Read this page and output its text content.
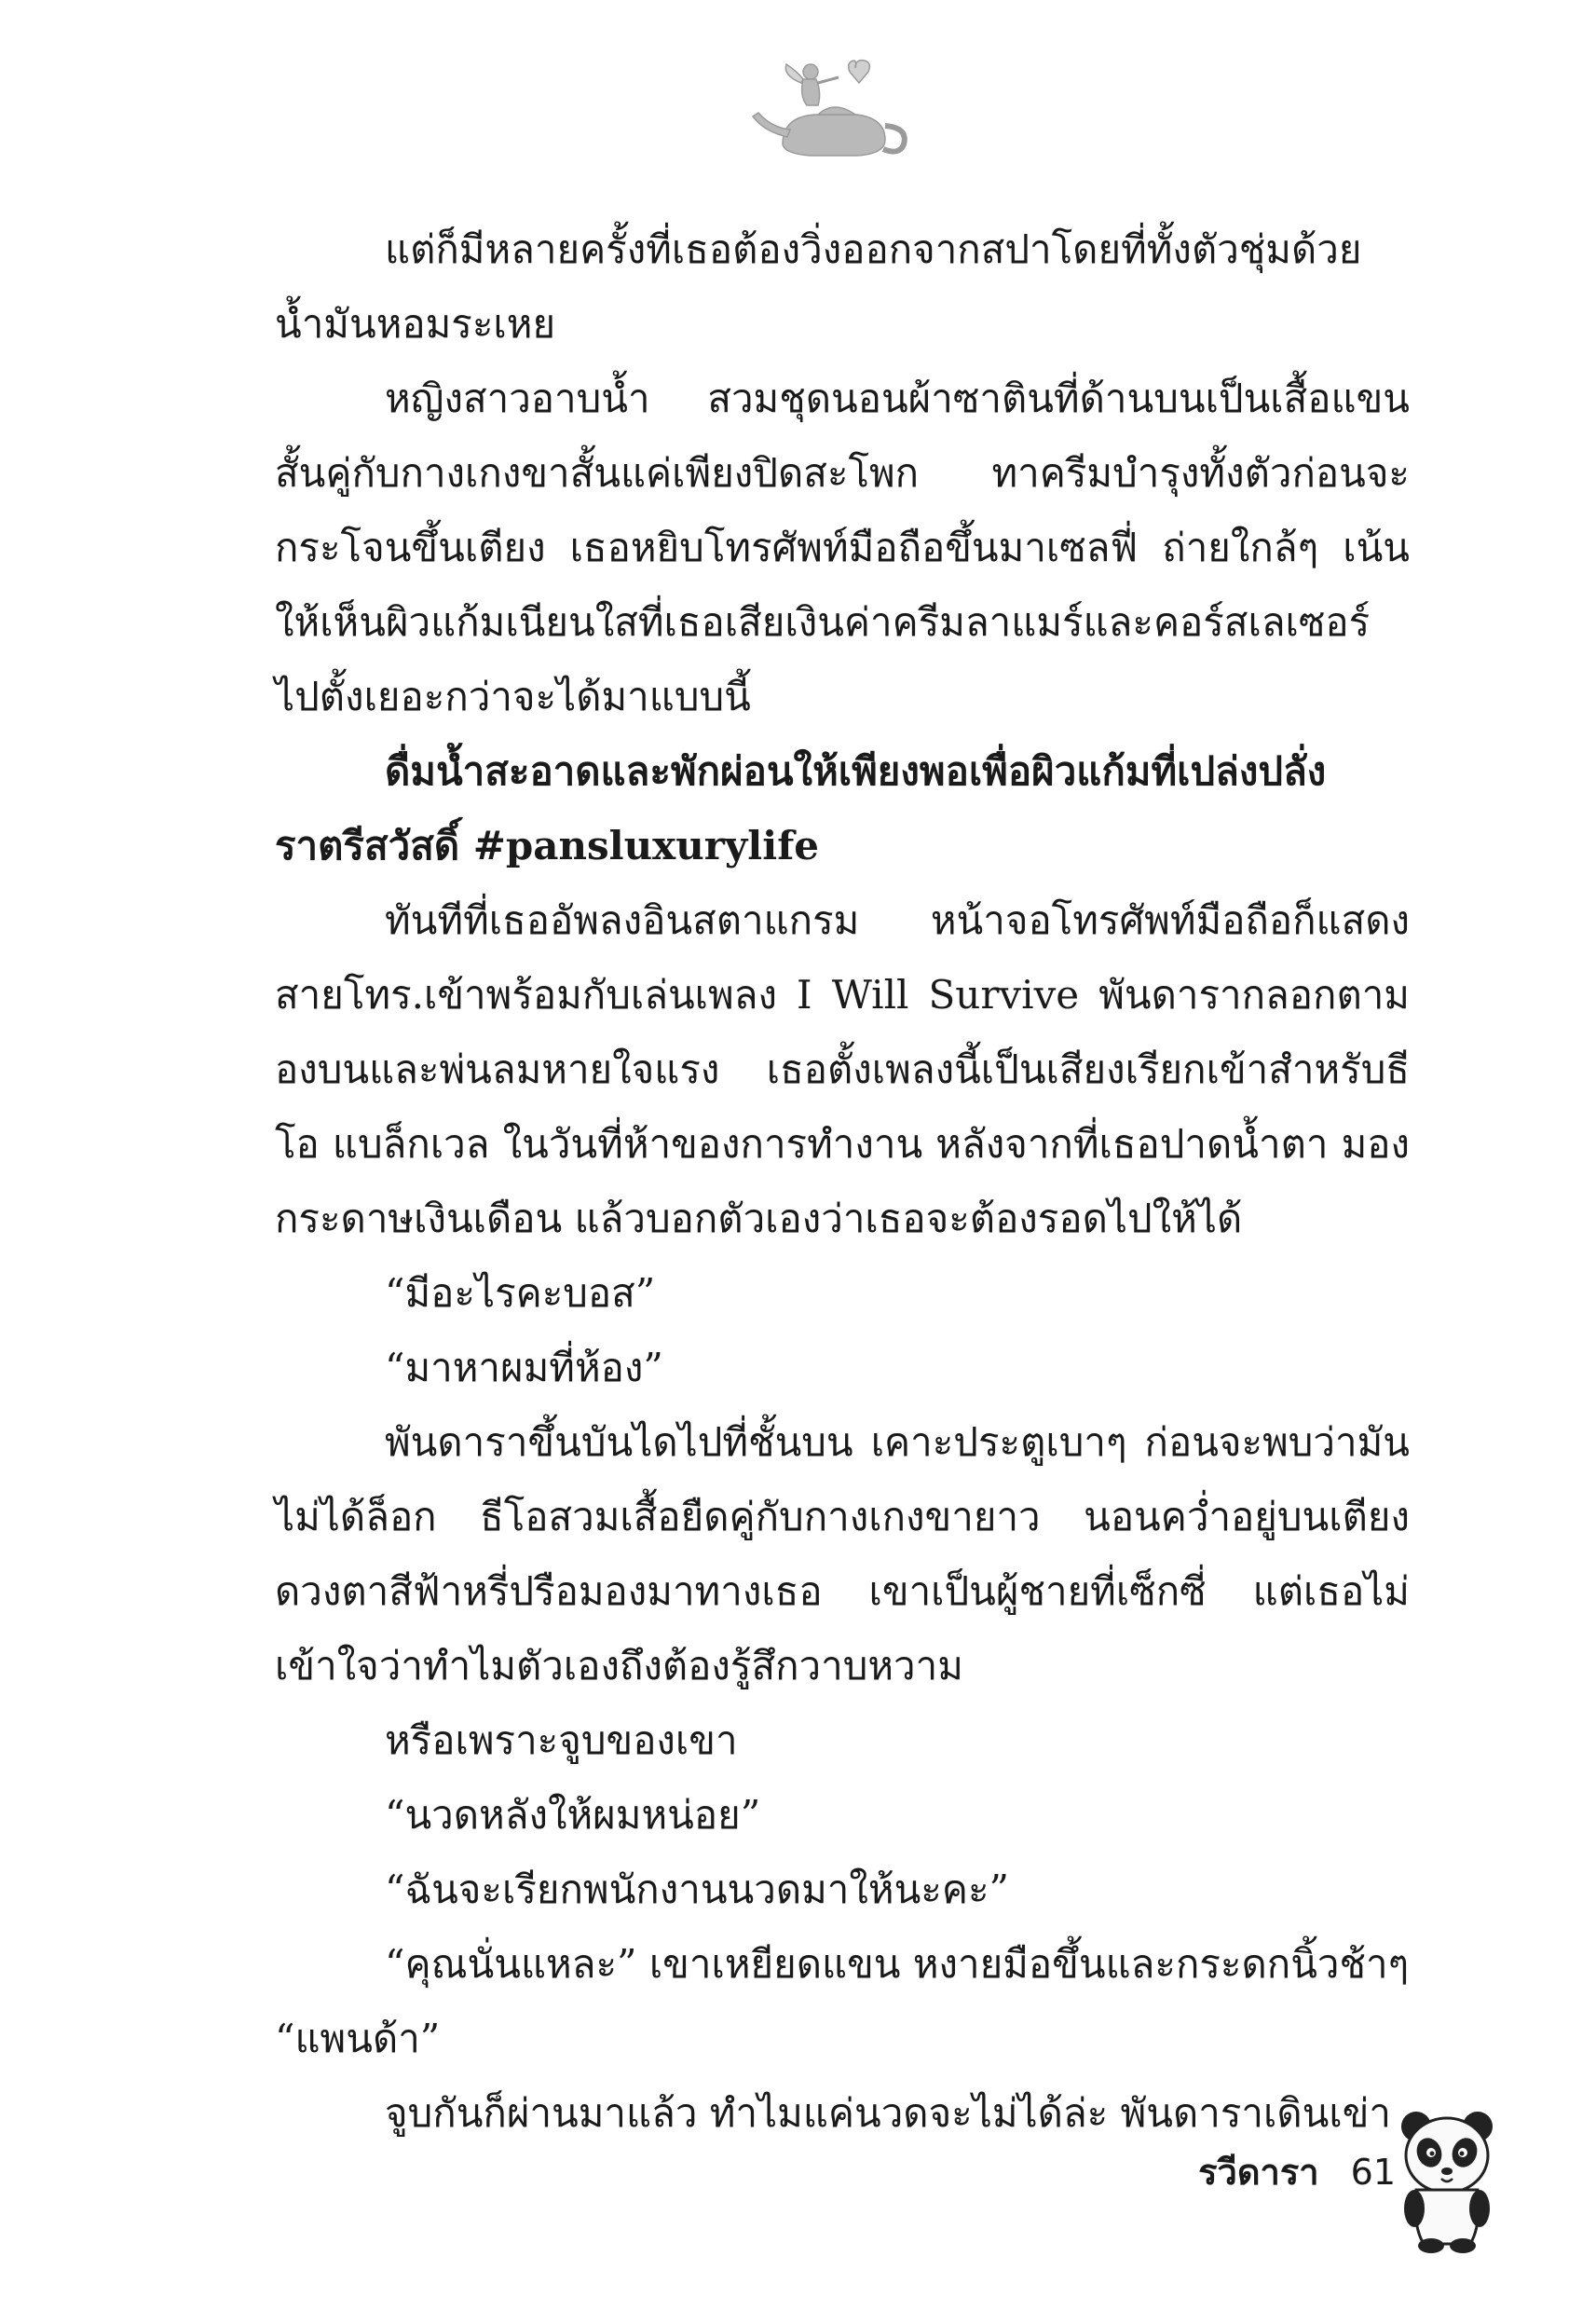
แต่ก็มีหลายครั้งที่เธอต้องวิ่งออกจากสปาโดยที่ทั้งตัวชุ่มด้วยน้ำมันหอมระเหย

หญิงสาวอาบน้ำ สวมชุดนอนผ้าซาตินที่ด้านบนเป็นเสื้อแขนสั้นคู่กับกางเกงขาสั้นแค่เพียงปิดสะโพก ทาครีมบำรุงทั้งตัวก่อนจะกระโจนขึ้นเตียง เธอหยิบโทรศัพท์มือถือขึ้นมาเซลฟี่ ถ่ายใกล้ๆ เน้นให้เห็นผิวแก้มเนียนใสที่เธอเสียเงินค่าครีมลาแมร์และคอร์สเลเซอร์ไปตั้งเยอะกว่าจะได้มาแบบนี้

ดื่มน้ำสะอาดและพักผ่อนให้เพียงพอเพื่อผิวแก้มที่เปล่งปลั่งราตรีสวัสดิ์ #pansluxurylife

ทันทีที่เธออัพลงอินสตาแกรม หน้าจอโทรศัพท์มือถือก็แสดงสายโทร.เข้าพร้อมกับเล่นเพลง I Will Survive พันดารากลอกตามองบนและพ่นลมหายใจแรง เธอตั้งเพลงนี้เป็นเสียงเรียกเข้าสำหรับธีโอ แบล็กเวล ในวันที่ห้าของการทำงาน หลังจากที่เธอปาดน้ำตา มองกระดาษเงินเดือน แล้วบอกตัวเองว่าเธอจะต้องรอดไปให้ได้

“มีอะไรคะบอส”

“มาหาผมที่ห้อง”

พันดาราขึ้นบันไดไปที่ชั้นบน เคาะประตูเบาๆ ก่อนจะพบว่ามันไม่ได้ล็อก ธีโอสวมเสื้อยืดคู่กับกางเกงขายาว นอนคว่ำอยู่บนเตียง ดวงตาสีฟ้าหรี่ปรือมองมาทางเธอ เขาเป็นผู้ชายที่เซ็กซี่ แต่เธอไม่เข้าใจว่าทำไมตัวเองถึงต้องรู้สึกวาบหวาม

หรือเพราะจูบของเขา

“นวดหลังให้ผมหน่อย”

“ฉันจะเรียกพนักงานนวดมาให้นะคะ”

“คุณนั่นแหละ” เขาเหยียดแขน หงายมือขึ้นและกระดกนิ้วช้าๆ

“แพนด้า”

จูบกันก็ผ่านมาแล้ว ทำไมแค่นวดจะไม่ได้ล่ะ พันดาราเดินเข่า

รวีดารา 61
